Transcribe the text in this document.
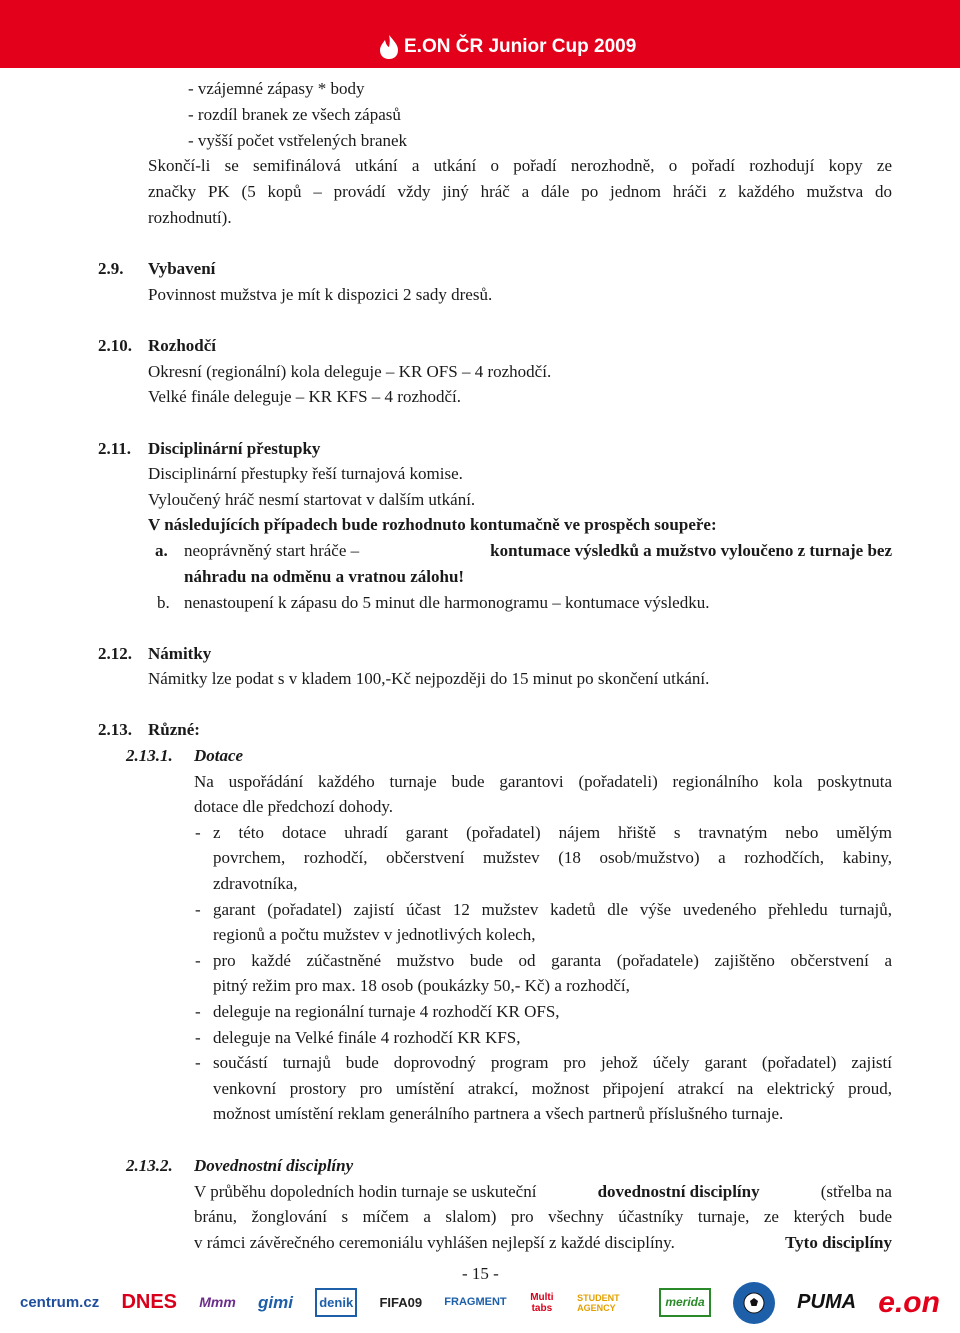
E.ON ČR Junior Cup 2009
- vzájemné zápasy * body
- rozdíl branek ze všech zápasů
- vyšší počet vstřelených branek
Skončí-li se semifinálová utkání a utkání o pořadí nerozhodně, o pořadí rozhodují kopy ze
značky PK (5 kopů – provádí vždy jiný hráč a dále po jednom hráči z každého mužstva do
rozhodnutí).
2.9. Vybavení
Povinnost mužstva je mít k dispozici 2 sady dresů.
2.10. Rozhodčí
Okresní (regionální) kola deleguje – KR OFS – 4 rozhodčí.
Velké finále deleguje – KR KFS – 4 rozhodčí.
2.11. Disciplinární přestupky
Disciplinární přestupky řeší turnajová komise.
Vyloučený hráč nesmí startovat v dalším utkání.
V následujících případech bude rozhodnuto kontumačně ve prospěch soupeře:
a. neoprávněný start hráče –	kontumace výsledků a mužstvo vyloučeno z turnaje bez
náhradu na odměnu a vratnou zálohu!
b. nenastoupení k zápasu do 5 minut dle harmonogramu – kontumace výsledku.
2.12. Námitky
Námitky lze podat s v kladem 100,-Kč nejpozději do 15 minut po skončení utkání.
2.13. Různé:
2.13.1. Dotace
Na uspořádání každého turnaje bude garantovi (pořadateli) regionálního kola poskytnuta
dotace dle předchozí dohody.
- z této dotace uhradí garant (pořadatel) nájem hřiště s travnatým nebo umělým
povrchem, rozhodčí, občerstvení mužstev (18 osob/mužstvo) a rozhodčích, kabiny,
zdravotníka,
- garant (pořadatel) zajistí účast 12 mužstev kadetů dle výše uvedeného přehledu turnajů,
regionů a počtu mužstev v jednotlivých kolech,
- pro každé zúčastněné mužstvo bude od garanta (pořadatele) zajištěno občerstvení a
pitný režim pro max. 18 osob (poukázky 50,- Kč) a rozhodčí,
- deleguje na regionální turnaje 4 rozhodčí KR OFS,
- deleguje na Velké finále 4 rozhodčí KR KFS,
- součástí turnajů bude doprovodný program pro jehož účely garant (pořadatel) zajistí
venkovní prostory pro umístění atrakcí, možnost připojení atrakcí na elektrický proud,
možnost umístění reklam generálního partnera a všech partnerů příslušného turnaje.
2.13.2. Dovednostní disciplíny
V průběhu dopoledních hodin turnaje se uskuteční	dovednostní disciplíny	(střelba na
bránu, žonglování s míčem a slalom) pro všechny účastníky turnaje, ze kterých bude
v rámci závěrečného ceremoniálu vyhlášen nejlepší z každé disciplíny.	Tyto disciplíny
- 15 -
centrum.cz DNES Mmm gimi	denik	FIFA09 FRAGMENT Multi tabs
STUDENT AGENCY	merida	PUMA e.on
